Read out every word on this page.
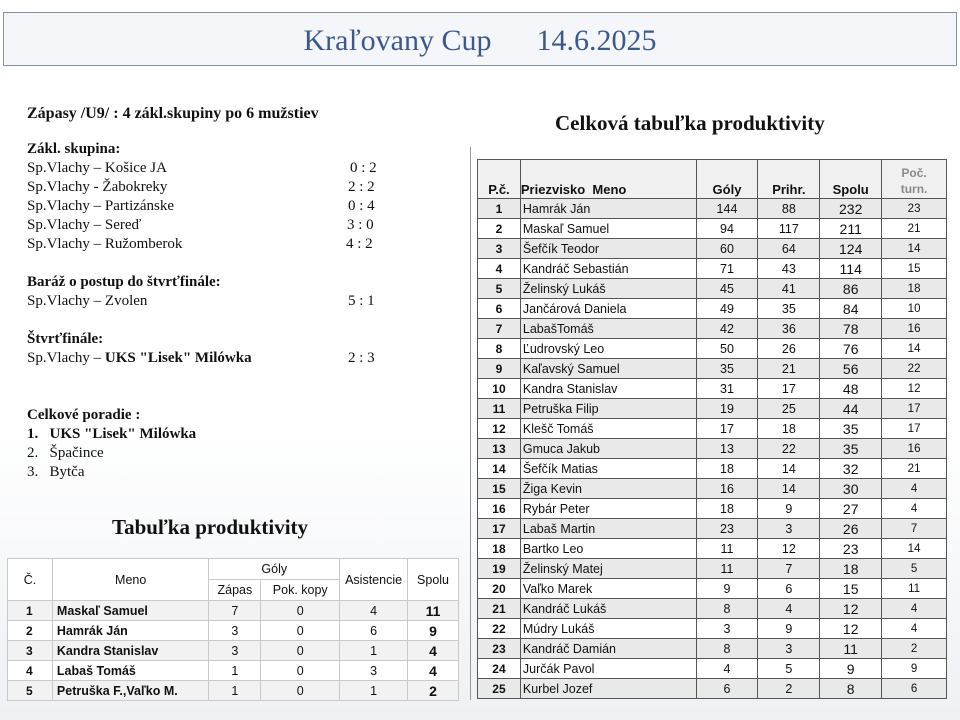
Kraľovany Cup      14.6.2025
Zápasy /U9/ : 4 zákl.skupiny po 6 mužstiev
Zákl. skupina:
Sp.Vlachy – Košice JA	0 : 2
Sp.Vlachy - Žabokreky	2 : 2
Sp.Vlachy – Partizánske	0 : 4
Sp.Vlachy – Sereď	3 : 0
Sp.Vlachy – Ružomberok	4 : 2
Baráž o postup do štvrťfinále:
Sp.Vlachy – Zvolen	5 : 1
Štvrťfinále:
Sp.Vlachy – UKS "Lisek" Milówka	2 : 3
Celkové poradie :
1.   UKS "Lisek" Milówka
2.   Špačince
3.   Bytča
Tabuľka produktivity
Č.	Meno	Góly		Asistencie	Spolu
		Zápas	Pok. kopy		
1	Maskaľ Samuel	7	0	4	11
2	Hamrák Ján	3	0	6	9
3	Kandra Stanislav	3	0	1	4
4	Labaš Tomáš	1	0	3	4
5	Petruška F.,Vaľko M.	1	0	1	2
Celková tabuľka produktivity
P.č.	Priezvisko  Meno	Góly	Prihr.	Spolu	Poč.
turn.
1	Hamrák Ján	144	88	232	23
2	Maskaľ Samuel	94	117	211	21
3	Šefčík Teodor	60	64	124	14
4	Kandráč Sebastián	71	43	114	15
5	Želinský Lukáš	45	41	86	18
6	Jančárová Daniela	49	35	84	10
7	LabašTomáš	42	36	78	16
8	Ľudrovský Leo	50	26	76	14
9	Kaľavský Samuel	35	21	56	22
10	Kandra Stanislav	31	17	48	12
11	Petruška Filip	19	25	44	17
12	Klešč Tomáš	17	18	35	17
13	Gmuca Jakub	13	22	35	16
14	Šefčík Matias	18	14	32	21
15	Žiga Kevin	16	14	30	4
16	Rybár Peter	18	9	27	4
17	Labaš Martin	23	3	26	7
18	Bartko Leo	11	12	23	14
19	Želinský Matej	11	7	18	5
20	Vaľko Marek	9	6	15	11
21	Kandráč Lukáš	8	4	12	4
22	Múdry Lukáš	3	9	12	4
23	Kandráč Damián	8	3	11	2
24	Jurčák Pavol	4	5	9	9
25	Kurbel Jozef	6	2	8	6
